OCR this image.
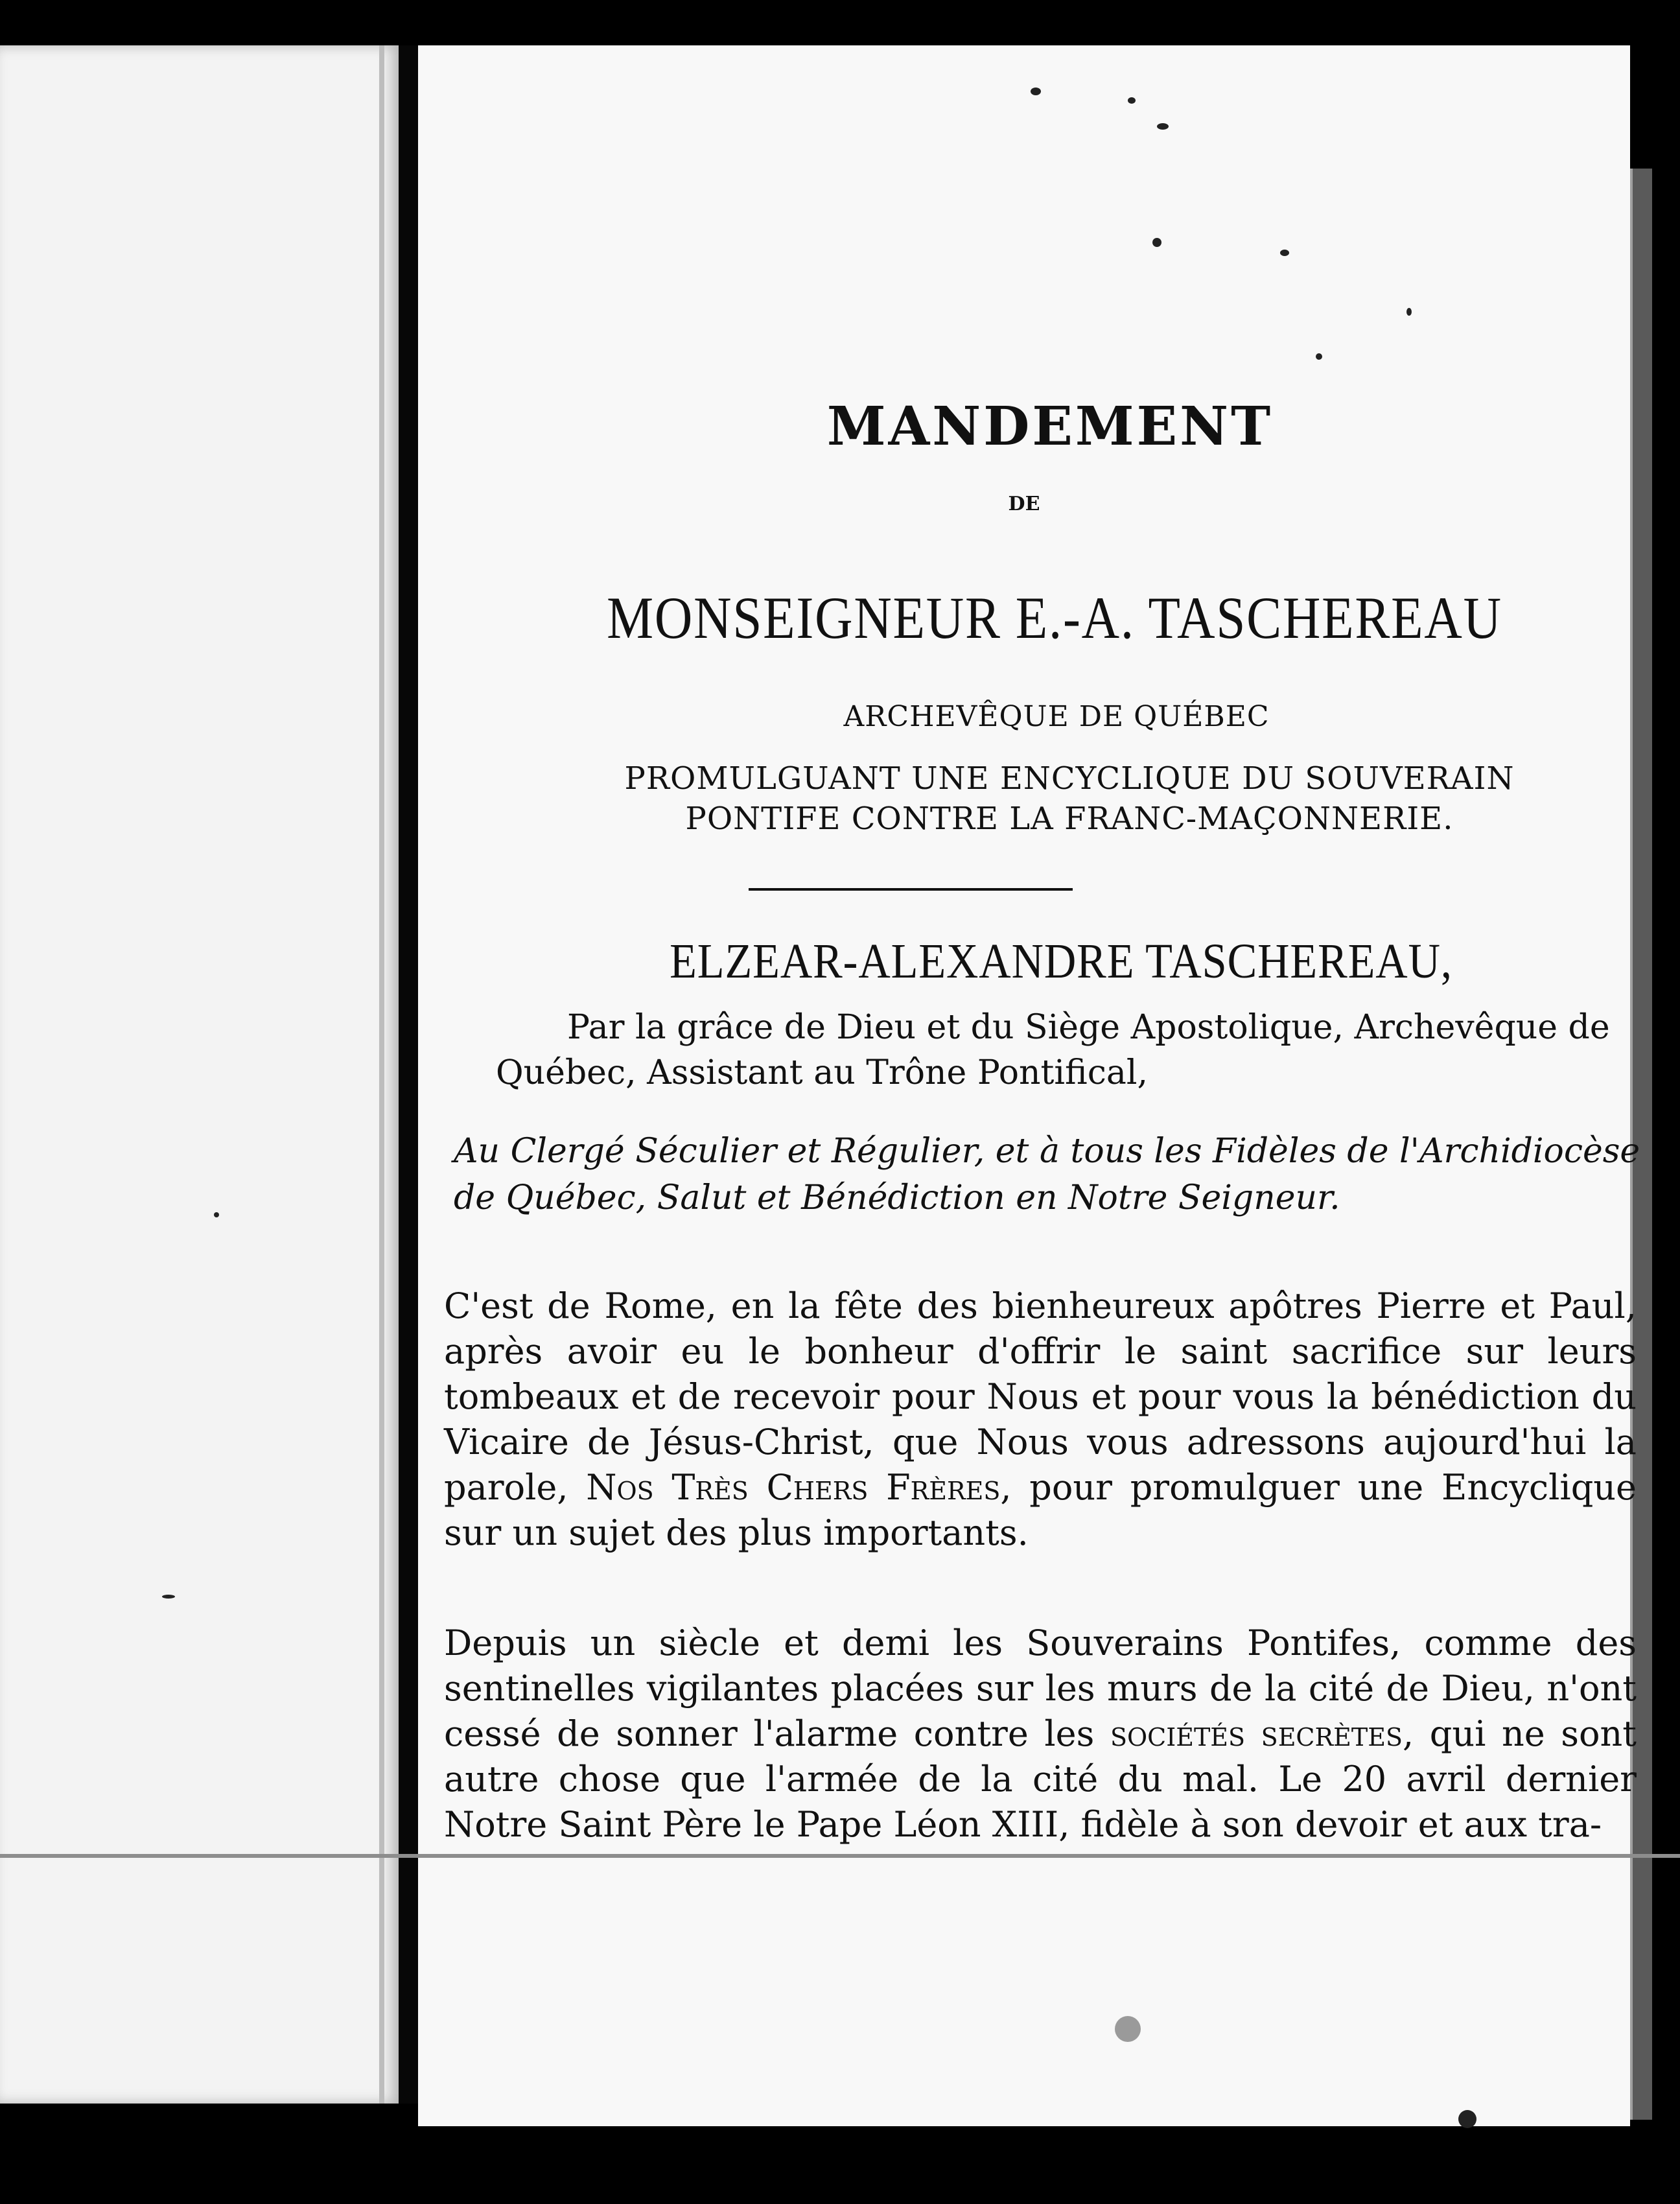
MANDEMENT
DE
MONSEIGNEUR E.-A. TASCHEREAU
ARCHEVÊQUE DE QUÉBEC
PROMULGUANT UNE ENCYCLIQUE DU SOUVERAIN
PONTIFE CONTRE LA FRANC-MAÇONNERIE.
ELZEAR-ALEXANDRE TASCHEREAU,
Par la grâce de Dieu et du Siège Apostolique, Archevêque de Québec, Assistant au Trône Pontifical,
Au Clergé Séculier et Régulier, et à tous les Fidèles de l'Archidiocèse de Québec, Salut et Bénédiction en Notre Seigneur.
C'est de Rome, en la fête des bienheureux apôtres Pierre et Paul, après avoir eu le bonheur d'offrir le saint sacrifice sur leurs tombeaux et de recevoir pour Nous et pour vous la bénédiction du Vicaire de Jésus-Christ, que Nous vous adressons aujourd'hui la parole, Nos Très Chers Frères, pour promulguer une Encyclique sur un sujet des plus importants.
Depuis un siècle et demi les Souverains Pontifes, comme des sentinelles vigilantes placées sur les murs de la cité de Dieu, n'ont cessé de sonner l'alarme contre les sociétés secrètes, qui ne sont autre chose que l'armée de la cité du mal. Le 20 avril dernier Notre Saint Père le Pape Léon XIII, fidèle à son devoir et aux tra-
